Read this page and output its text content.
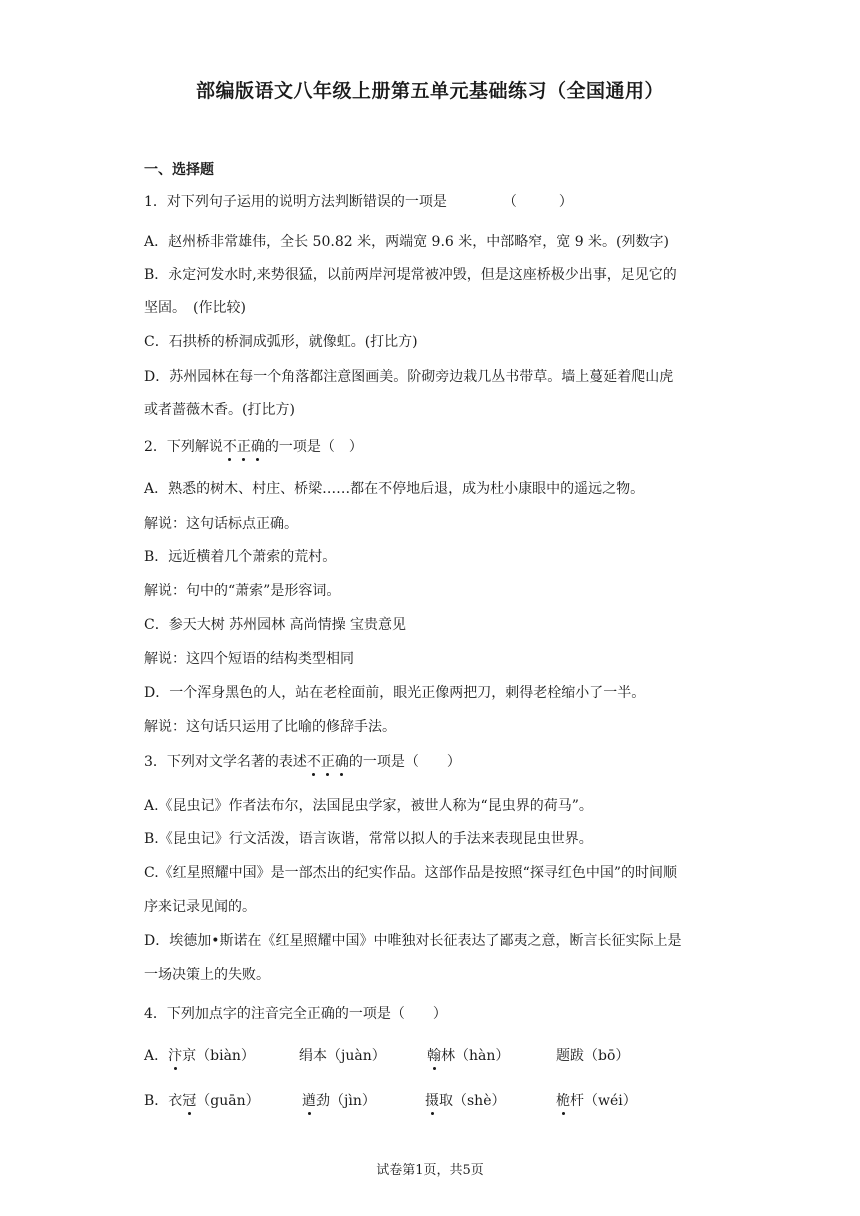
部编版语文八年级上册第五单元基础练习（全国通用）
一、选择题
1．对下列句子运用的说明方法判断错误的一项是	（　　　）
A．赵州桥非常雄伟，全长 50.82 米，两端宽 9.6 米，中部略窄，宽 9 米。(列数字)
B．永定河发水时,来势很猛，以前两岸河堤常被冲毁，但是这座桥极少出事，足见它的
坚固。　(作比较)
C．石拱桥的桥洞成弧形，就像虹。(打比方)
D．苏州园林在每一个角落都注意图画美。阶砌旁边栽几丛书带草。墙上蔓延着爬山虎
或者蔷薇木香。(打比方)
2．下列解说不正确的一项是（　）
A．熟悉的树木、村庄、桥梁……都在不停地后退，成为杜小康眼中的遥远之物。
解说：这句话标点正确。
B．远近横着几个萧索的荒村。
解说：句中的“萧索”是形容词。
C．参天大树 苏州园林 高尚情操 宝贵意见
解说：这四个短语的结构类型相同
D．一个浑身黑色的人，站在老栓面前，眼光正像两把刀，刺得老栓缩小了一半。
解说：这句话只运用了比喻的修辞手法。
3．下列对文学名著的表述不正确的一项是（　　）
A.《昆虫记》作者法布尔，法国昆虫学家，被世人称为“昆虫界的荷马”。
B.《昆虫记》行文活泼，语言诙谐，常常以拟人的手法来表现昆虫世界。
C.《红星照耀中国》是一部杰出的纪实作品。这部作品是按照“探寻红色中国”的时间顺
序来记录见闻的。
D．埃德加•斯诺在《红星照耀中国》中唯独对长征表达了鄙夷之意，断言长征实际上是
一场决策上的失败。
4．下列加点字的注音完全正确的一项是（　　）
A．汴京（biàn）	绢本（juàn）	翰林（hàn）	题跋（bō）
B．衣冠（guān）	遒劲（jìn）	摄取（shè）	桅杆（wéi）
试卷第1页，共5页
